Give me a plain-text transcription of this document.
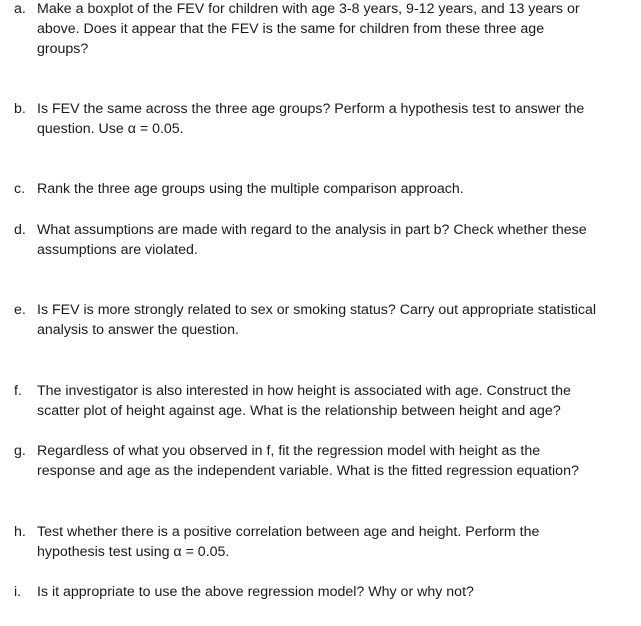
a. Make a boxplot of the FEV for children with age 3-8 years, 9-12 years, and 13 years or
above. Does it appear that the FEV is the same for children from these three age
groups?
b. Is FEV the same across the three age groups? Perform a hypothesis test to answer the
question. Use α = 0.05.
c. Rank the three age groups using the multiple comparison approach.
d. What assumptions are made with regard to the analysis in part b? Check whether these
assumptions are violated.
e. Is FEV is more strongly related to sex or smoking status? Carry out appropriate statistical
analysis to answer the question.
f.	The investigator is also interested in how height is associated with age. Construct the
scatter plot of height against age. What is the relationship between height and age?
g. Regardless of what you observed in f, fit the regression model with height as the
response and age as the independent variable. What is the fitted regression equation?
h. Test whether there is a positive correlation between age and height. Perform the
hypothesis test using α = 0.05.
i.	Is it appropriate to use the above regression model? Why or why not?
